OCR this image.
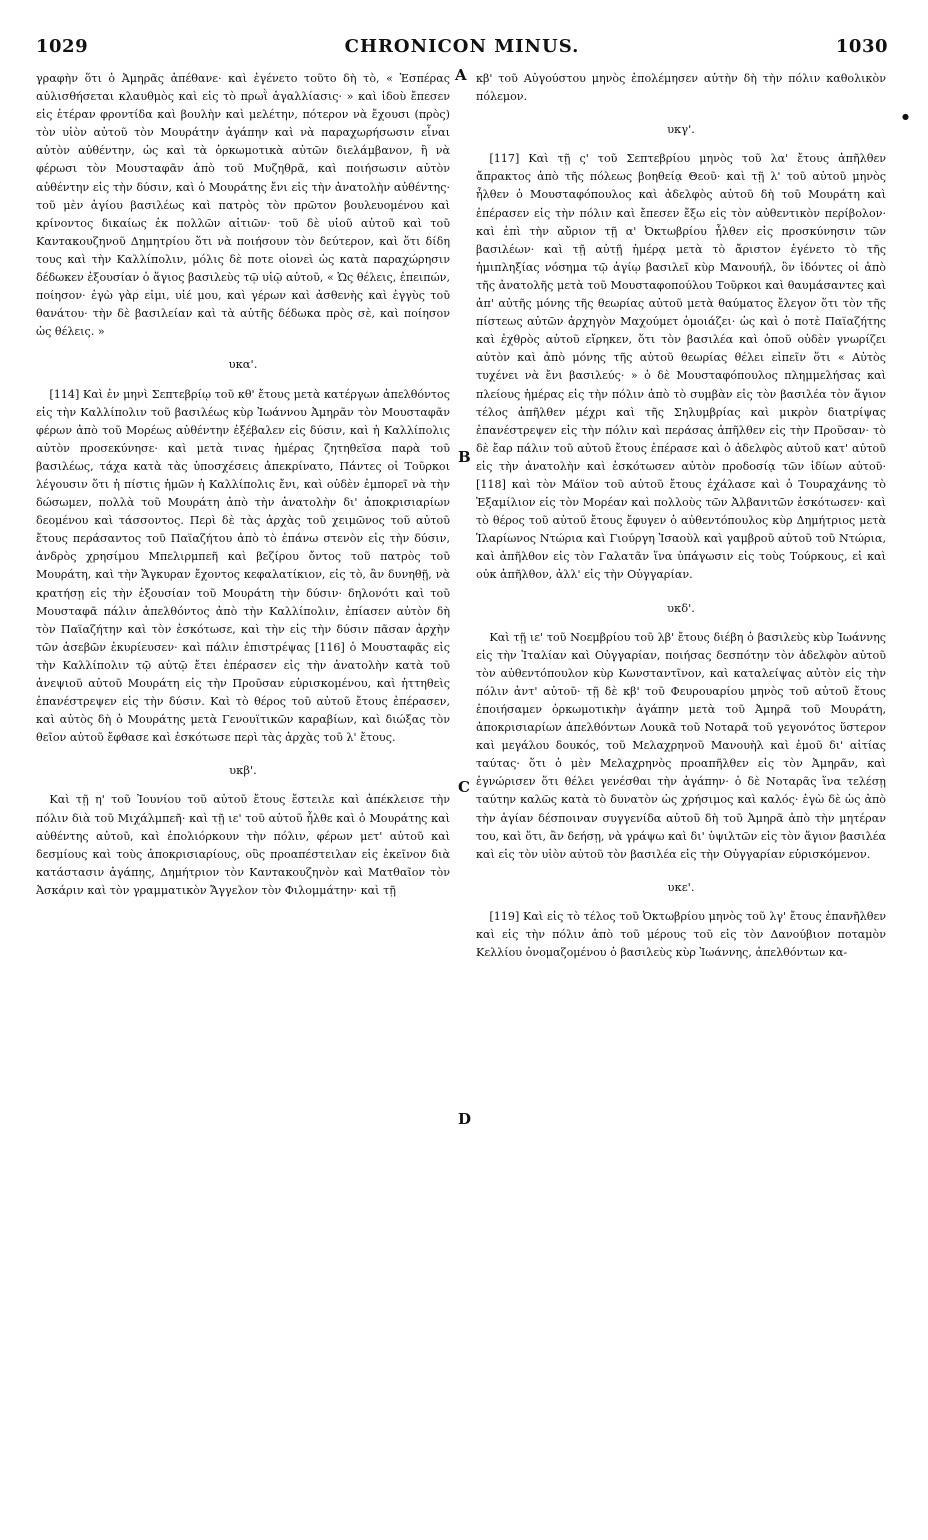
1029	CHRONICON MINUS.	1030

γραφὴν ὅτι ὁ Ἀμηρᾶς ἀπέθανε· καὶ ἐγένετο τοῦτο δὴ τὸ, « Ἑσπέρας αὐλισθήσεται κλαυθμὸς καὶ εἰς τὸ πρωῒ ἀγαλλίασις· » καὶ ἰδοὺ ἔπεσεν εἰς ἑτέραν φροντίδα καὶ βουλὴν καὶ μελέτην, πότερον νὰ ἔχουσι (πρὸς) τὸν υἱὸν αὐτοῦ τὸν Μουράτην ἀγάπην καὶ νὰ παραχωρήσωσιν εἶναι αὐτὸν αὐθέντην, ὡς καὶ τὰ ὁρκωμοτικὰ αὐτῶν διελάμβανον, ἢ νὰ φέρωσι τὸν Μουσταφᾶν ἀπὸ τοῦ Μυζηθρᾶ, καὶ ποιήσωσιν αὐτὸν αὐθέντην εἰς τὴν δύσιν, καὶ ὁ Μουράτης ἔνι εἰς τὴν ἀνατολὴν αὐθέντης· τοῦ μὲν ἁγίου βασιλέως καὶ πατρὸς τὸν πρῶτον βουλευομένου καὶ κρίνοντος δικαίως ἐκ πολλῶν αἰτιῶν· τοῦ δὲ υἱοῦ αὐτοῦ καὶ τοῦ Κανтακουζηνοῦ Δημητρίου ὅτι νὰ ποιήσουν τὸν δεύτερον, καὶ ὅτι δίδη τους καὶ τὴν Καλλίπολιν, μόλις δὲ ποτε οἱονεὶ ὡς κατὰ παραχώρησιν δέδωκεν ἐξουσίαν ὁ ἅγιος βασιλεὺς τῷ υἱῷ αὐτοῦ, « Ὡς θέλεις, ἐπειπών, ποίησον· ἐγὼ γὰρ εἰμι, υἱέ μου, καὶ γέρων καὶ ἀσθενὴς καὶ ἐγγὺς τοῦ θανάτου· τὴν δὲ βασιλείαν καὶ τὰ αὐτῆς δέδωκα πρὸς σὲ, καὶ ποίησον ὡς θέλεις. »

υκα'.

[114] Καὶ ἐν μηνὶ Σεπτεβρίῳ τοῦ κθ' ἔτους μετὰ κατέργων ἀπελθόντος εἰς τὴν Καλλίπολιν τοῦ βασιλέως κὺρ Ἰωάννου Ἀμηρᾶν τὸν Μουσταφᾶν φέρων ἀπὸ τοῦ Μορέως αὐθέντην ἐξέβαλεν εἰς δύσιν, καὶ ἡ Καλλίπολις αὐτὸν προσεκύνησε· καὶ μετὰ τινας ἡμέρας ζητηθεῖσα παρὰ τοῦ βασιλέως, τάχα κατὰ τὰς ὑποσχέσεις ἀπεκρίνατο, Πάντες οἱ Τοῦρκοι λέγουσιν ὅτι ἡ πίστις ἡμῶν ἡ Καλλίπολις ἔνι, καὶ οὐδὲν ἐμπορεῖ νὰ τὴν δώσωμεν, πολλὰ τοῦ Μουράτη ἀπὸ τὴν ἀνατολὴν δι' ἀποκρισιαρίων δεομένου καὶ τάσσοντος. Περὶ δὲ τὰς ἀρχὰς τοῦ χειμῶνος τοῦ αὐτοῦ ἔτους περάσαντος τοῦ Παϊαζήτου ἀπὸ τὸ ἐπάνω στενὸν εἰς τὴν δύσιν, ἀνδρὸς χρησίμου Μπελιρμπεῆ καὶ βεζίρου ὄντος τοῦ πατρὸς τοῦ Μουράτη, καὶ τὴν Ἄγκυραν ἔχοντος κεφαλατίκιον, εἰς τὸ, ἂν δυνηθῇ, νὰ κρατήσῃ εἰς τὴν ἐξουσίαν τοῦ Μουράτη τὴν δύσιν· δηλονότι καὶ τοῦ Μουσταφᾶ πάλιν ἀπελθόντος ἀπὸ τὴν Καλλίπολιν, ἐπίασεν αὐτὸν δὴ τὸν Παϊαζήτην καὶ τὸν ἐσκότωσε, καὶ τὴν εἰς τὴν δύσιν πᾶσαν ἀρχὴν τῶν ἀσεβῶν ἐκυρίευσεν· καὶ πάλιν ἐπιστρέψας [116] ὁ Μουσταφᾶς εἰς τὴν Καλλίπολιν τῷ αὐτῷ ἔτει ἐπέρασεν εἰς τὴν ἀνατολὴν κατὰ τοῦ ἀνεψιοῦ αὐτοῦ Μουράτη εἰς τὴν Προῦσαν εὑρισκομένου, καὶ ἡττηθεὶς ἐπανέστρεψεν εἰς τὴν δύσιν. Καὶ τὸ θέρος τοῦ αὐτοῦ ἔτους ἐπέρασεν, καὶ αὐτὸς δὴ ὁ Μουράτης μετὰ Γενουϊτικῶν καραβίων, καὶ διώξας τὸν θεῖον αὐτοῦ ἔφθασε καὶ ἐσκότωσε περὶ τὰς ἀρχὰς τοῦ λ' ἔτους.

υκβ'.

Καὶ τῇ η' τοῦ Ἰουνίου τοῦ αὐτοῦ ἔτους ἔστειλε καὶ ἀπέκλεισε τὴν πόλιν διὰ τοῦ Μιχάλμπεῆ· καὶ τῇ ιε' τοῦ αὐτοῦ ἦλθε καὶ ὁ Μουράτης καὶ αὐθέντης αὐτοῦ, καὶ ἐπολιόρκουν τὴν πόλιν, φέρων μετ' αὐτοῦ καὶ δεσμίους καὶ τοὺς ἀποκρισιαρίους, οὓς προαπέστειλαν εἰς ἐκεῖνον διὰ κατάστασιν ἀγάπης, Δημήτριον τὸν Κανтακουζηνὸν καὶ Ματθαῖον τὸν Ἀσκάριν καὶ τὸν γραμματικὸν Ἄγγελον τὸν Φιλομμάτην· καὶ τῇ

κβ' τοῦ Αὐγούστου μηνὸς ἐπολέμησεν αὐτὴν δὴ τὴν πόλιν καθολικὸν πόλεμον.

υκγ'.

[117] Καὶ τῇ ς' τοῦ Σεπτεβρίου μηνὸς τοῦ λα' ἔτους ἀπῆλθεν ἄπρακτος ἀπὸ τῆς πόλεως βοηθείᾳ Θεοῦ· καὶ τῇ λ' τοῦ αὐτοῦ μηνὸς ἦλθεν ὁ Μουσταφόπουλος καὶ ἀδελφὸς αὐτοῦ δὴ τοῦ Μουράτη καὶ ἐπέρασεν εἰς τὴν πόλιν καὶ ἔπεσεν ἔξω εἰς τὸν αὐθεντικὸν περίβολον· καὶ ἐπὶ τὴν αὔριον τῇ α' Ὀκτωβρίου ἦλθεν εἰς προσκύνησιν τῶν βασιλέων· καὶ τῇ αὐτῇ ἡμέρᾳ μετὰ τὸ ἄριστον ἐγένετο τὸ τῆς ἡμιπληξίας νόσημα τῷ ἁγίῳ βασιλεῖ κὺρ Μανουήλ, ὃν ἰδόντες οἱ ἀπὸ τῆς ἀνατολῆς μετὰ τοῦ Μουσταφοπούλου Τοῦρκοι καὶ θαυμάσαντες καὶ ἀπ' αὐτῆς μόνης τῆς θεωρίας αὐτοῦ μετὰ θαύματος ἔλεγον ὅτι τὸν τῆς πίστεως αὐτῶν ἀρχηγὸν Μαχούμετ ὁμοιάζει· ὡς καὶ ὁ ποτὲ Παϊαζήτης καὶ ἐχθρὸς αὐτοῦ εἴρηκεν, ὅτι τὸν βασιλέα καὶ ὁποῦ οὐδὲν γνωρίζει αὐτὸν καὶ ἀπὸ μόνης τῆς αὐτοῦ θεωρίας θέλει εἰπεῖν ὅτι « Αὐτὸς τυχένει νὰ ἔνι βασιλεύς· » ὁ δὲ Μουσταφόπουλος πλημμελήσας καὶ πλείους ἡμέρας εἰς τὴν πόλιν ἀπὸ τὸ συμβὰν εἰς τὸν βασιλέα τὸν ἅγιον τέλος ἀπῆλθεν μέχρι καὶ τῆς Σηλυμβρίας καὶ μικρὸν διατρίψας ἐπανέστρεψεν εἰς τὴν πόλιν καὶ περάσας ἀπῆλθεν εἰς τὴν Προῦσαν· τὸ δὲ ἔαρ πάλιν τοῦ αὐτοῦ ἔτους ἐπέρασε καὶ ὁ ἀδελφὸς αὐτοῦ κατ' αὐτοῦ εἰς τὴν ἀνατολὴν καὶ ἐσκότωσεν αὐτὸν προδοσίᾳ τῶν ἰδίων αὐτοῦ· [118] καὶ τὸν Μάϊον τοῦ αὐτοῦ ἔτους ἐχάλασε καὶ ὁ Τουραχάνης τὸ Ἑξαμίλιον εἰς τὸν Μορέαν καὶ πολλοὺς τῶν Ἀλβανιτῶν ἐσκότωσεν· καὶ τὸ θέρος τοῦ αὐτοῦ ἔτους ἔφυγεν ὁ αὐθεντόπουλος κὺρ Δημήτριος μετὰ Ἱλαρίωνος Ντώρια καὶ Γιούργη Ἰσαοὺλ καὶ γαμβροῦ αὐτοῦ τοῦ Ντώρια, καὶ ἀπῆλθον εἰς τὸν Γαλατᾶν ἵνα ὑπάγωσιν εἰς τοὺς Τούρκους, εἰ καὶ οὐκ ἀπῆλθον, ἀλλ' εἰς τὴν Οὐγγαρίαν.

υκδ'.

Καὶ τῇ ιε' τοῦ Νοεμβρίου τοῦ λβ' ἔτους διέβη ὁ βασιλεὺς κὺρ Ἰωάννης εἰς τὴν Ἰταλίαν καὶ Οὐγγαρίαν, ποιήσας δεσπότην τὸν ἀδελφὸν αὐτοῦ τὸν αὐθεντόπουλον κὺρ Κωνσταντῖνον, καὶ καταλείψας αὐτὸν εἰς τὴν πόλιν ἀντ' αὐτοῦ· τῇ δὲ κβ' τοῦ Φευρουαρίου μηνὸς τοῦ αὐτοῦ ἔτους ἐποιήσαμεν ὁρκωμοτικὴν ἀγάπην μετὰ τοῦ Ἀμηρᾶ τοῦ Μουράτη, ἀποκρισιαρίων ἀπελθόντων Λουκᾶ τοῦ Νοταρᾶ τοῦ γεγονότος ὕστερον καὶ μεγάλου δουκός, τοῦ Μελαχρηνοῦ Μανουὴλ καὶ ἐμοῦ δι' αἰτίας ταύτας· ὅτι ὁ μὲν Μελαχρηνὸς προαπῆλθεν εἰς τὸν Ἀμηρᾶν, καὶ ἐγνώρισεν ὅτι θέλει γενέσθαι τὴν ἀγάπην· ὁ δὲ Νοταρᾶς ἵνα τελέσῃ ταύτην καλῶς κατὰ τὸ δυνατὸν ὡς χρήσιμος καὶ καλός· ἐγὼ δὲ ὡς ἀπὸ τὴν ἁγίαν δέσποιναν συγγενίδα αὐτοῦ δὴ τοῦ Ἀμηρᾶ ἀπὸ τὴν μητέραν του, καὶ ὅτι, ἂν δεήσῃ, νὰ γράψω καὶ δι' ὑψιλτῶν εἰς τὸν ἅγιον βασιλέα καὶ εἰς τὸν υἱὸν αὐτοῦ τὸν βασιλέα εἰς τὴν Οὐγγαρίαν εὑρισκόμενον.

υκε'.

[119] Καὶ εἰς τὸ τέλος τοῦ Ὀκτωβρίου μηνὸς τοῦ λγ' ἔτους ἐπανῆλθεν καὶ εἰς τὴν πόλιν ἀπὸ τοῦ μέρους τοῦ εἰς τὸν Δανούβιον ποταμὸν Κελλίου ὀνομαζομένου ὁ βασιλεὺς κὺρ Ἰωάννης, ἀπελθόντων κα-

A
B
C
D
●
